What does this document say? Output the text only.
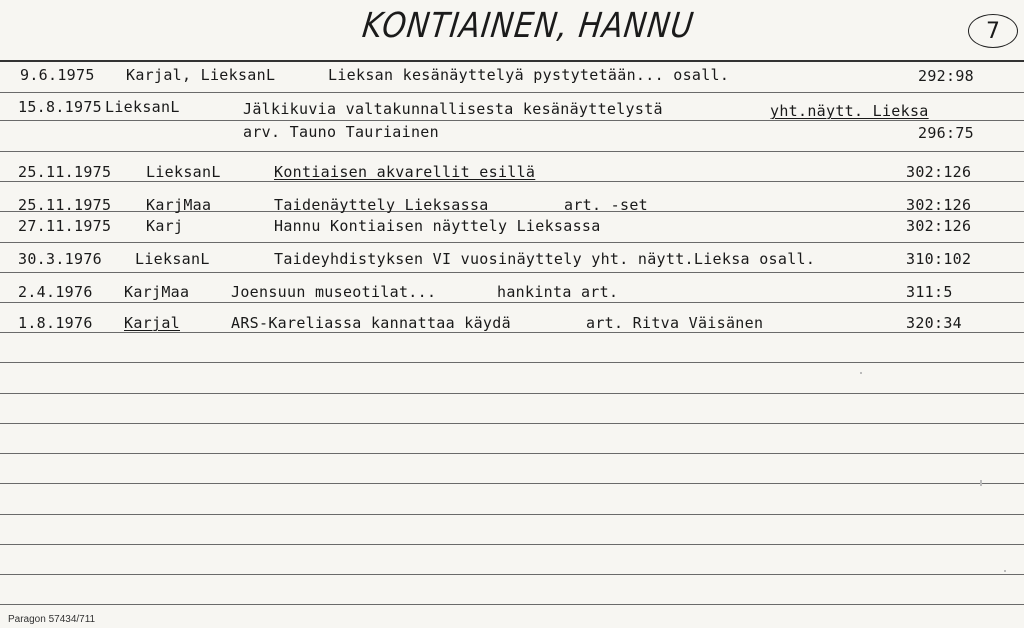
KONTIAINEN, HANNU	7
9.6.1975 Karjal, LieksanL	Lieksan kesänäyttelyä pystytetään... osall.	292:98
15.8.1975 LieksanL	Jälkikuvia valtakunnallisesta kesänäyttelystä	yht.näytt. Lieksa
arv. Tauno Tauriainen	296:75
25.11.1975 LieksanL	Kontiaisen akvarellit esillä	302:126
25.11.1975 KarjMaa	Taidenäyttely Lieksassa	art. -set	302:126
27.11.1975 Karj	Hannu Kontiaisen näyttely Lieksassa	302:126
30.3.1976 LieksanL	Taideyhdistyksen VI vuosinäyttely yht. näytt.Lieksa osall.	310:102
2.4.1976 KarjMaa	Joensuun museotilat...	hankinta art.	311:5
1.8.1976 Karjal	ARS-Kareliassa kannattaa käydä	art. Ritva Väisänen	320:34
Paragon 57434/711
